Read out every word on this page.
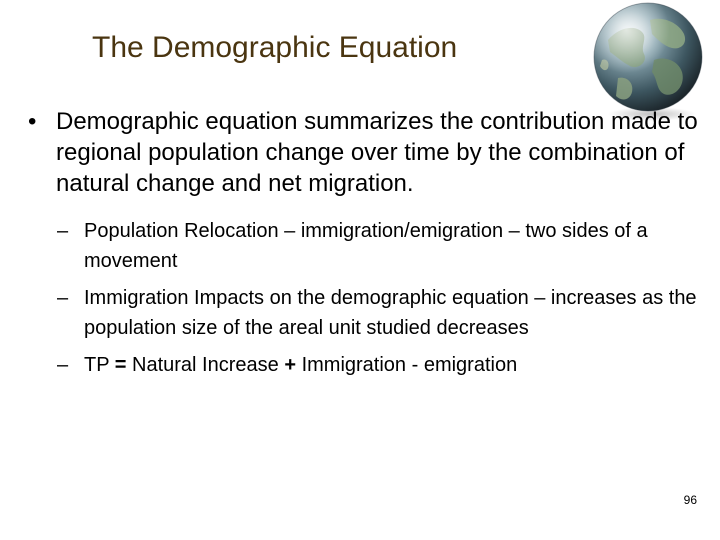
The Demographic Equation
• Demographic equation summarizes the contribution made to regional population change over time by the combination of natural change and net migration.
– Population Relocation – immigration/emigration – two sides of a movement
– Immigration Impacts on the demographic equation – increases as the population size of the areal unit studied decreases
– TP = Natural Increase + Immigration - emigration
96
